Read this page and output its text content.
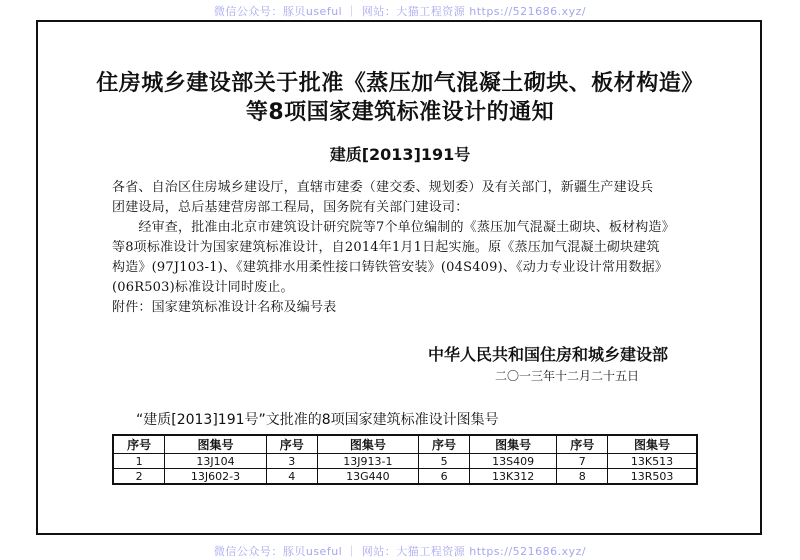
微信公众号：豚贝useful ｜ 网站：大猫工程资源 https://521686.xyz/
住房城乡建设部关于批准《蒸压加气混凝土砌块、板材构造》
等8项国家建筑标准设计的通知
建质[2013]191号
各省、自治区住房城乡建设厅，直辖市建委（建交委、规划委）及有关部门，新疆生产建设兵
团建设局，总后基建营房部工程局，国务院有关部门建设司：
　　经审查，批准由北京市建筑设计研究院等7个单位编制的《蒸压加气混凝土砌块、板材构造》
等8项标准设计为国家建筑标准设计，自2014年1月1日起实施。原《蒸压加气混凝土砌块建筑
构造》(97J103-1)、《建筑排水用柔性接口铸铁管安装》(04S409)、《动力专业设计常用数据》
(06R503)标准设计同时废止。
附件：国家建筑标准设计名称及编号表
中华人民共和国住房和城乡建设部
二〇一三年十二月二十五日
“建质[2013]191号”文批准的8项国家建筑标准设计图集号
序号	图集号	序号	图集号	序号	图集号	序号	图集号
1	13J104	3	13J913-1	5	13S409	7	13K513
2	13J602-3	4	13G440	6	13K312	8	13R503
微信公众号：豚贝useful ｜ 网站：大猫工程资源 https://521686.xyz/
